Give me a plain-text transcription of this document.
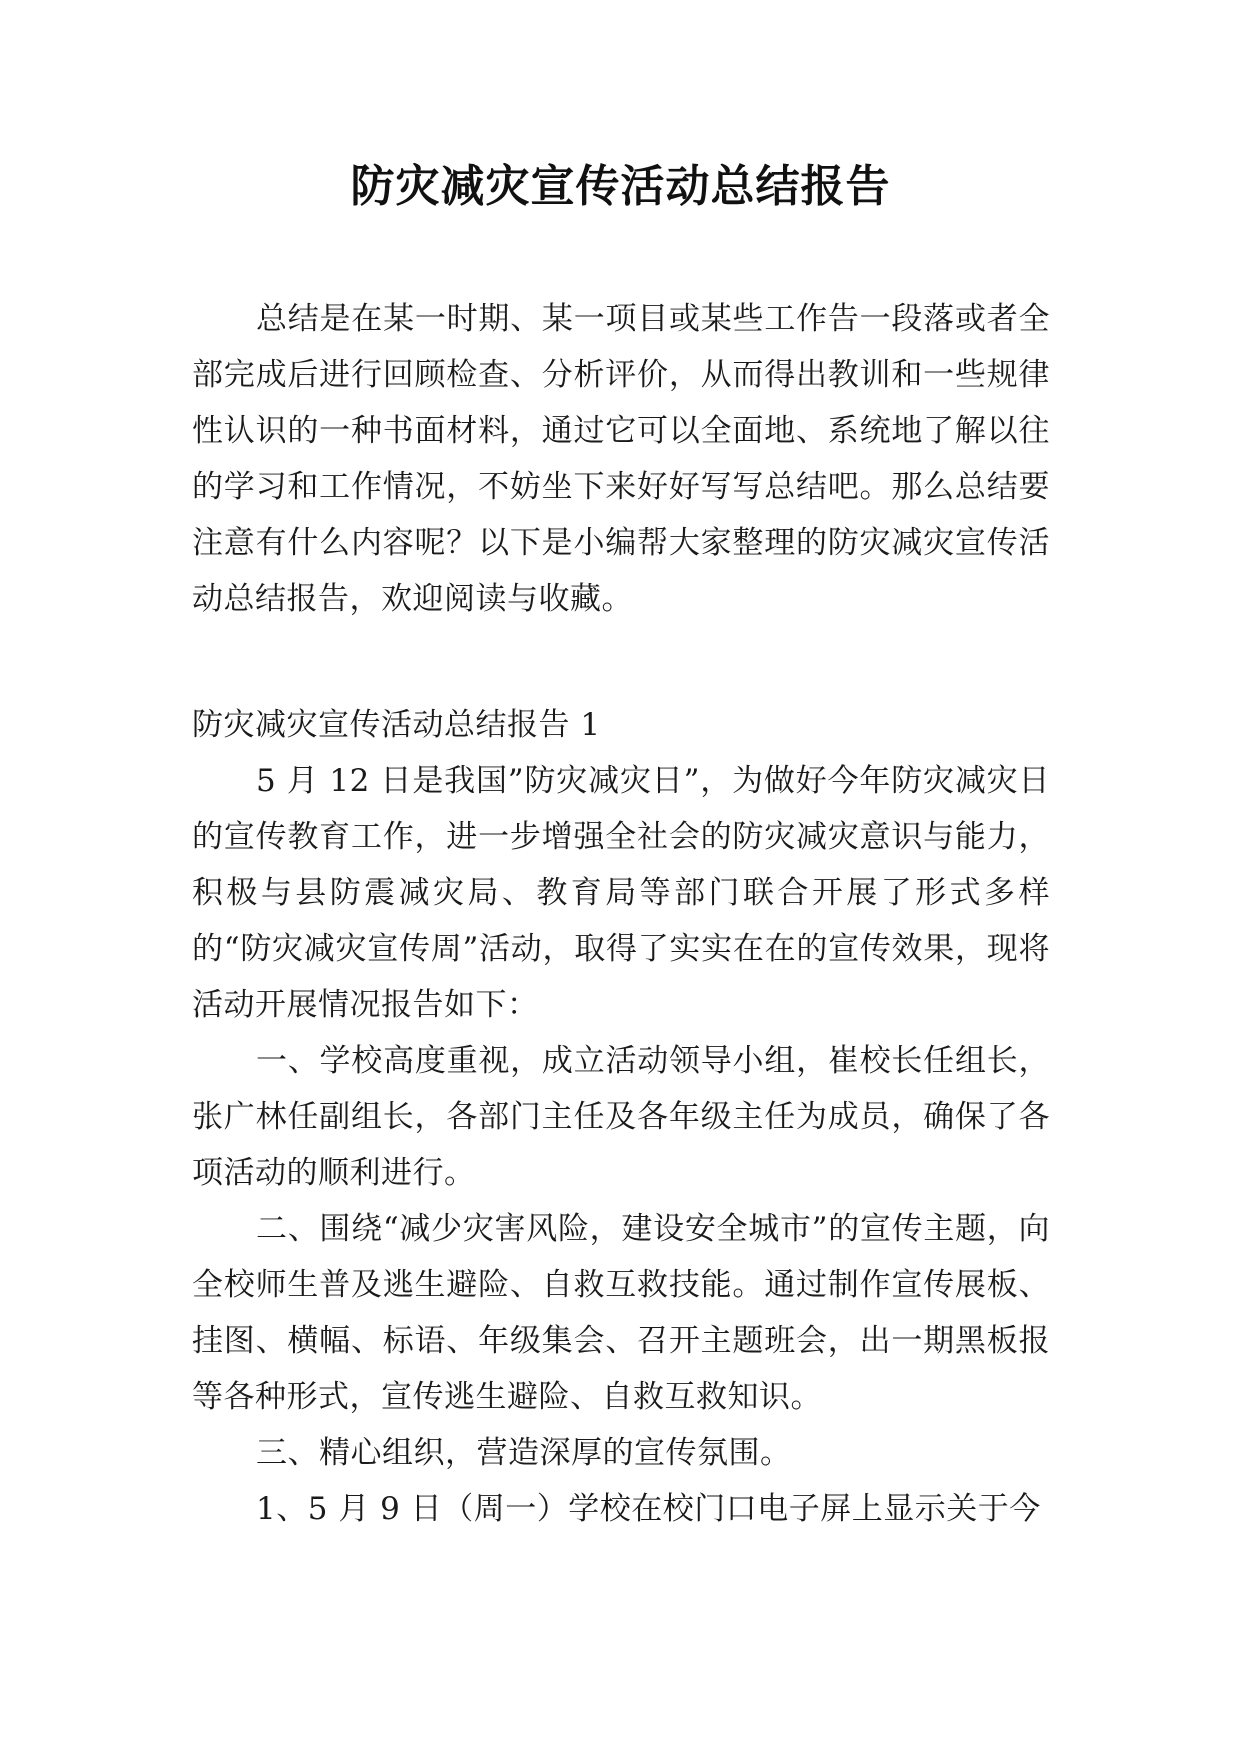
防灾减灾宣传活动总结报告

总结是在某一时期、某一项目或某些工作告一段落或者全部完成后进行回顾检查、分析评价，从而得出教训和一些规律性认识的一种书面材料，通过它可以全面地、系统地了解以往的学习和工作情况，不妨坐下来好好写写总结吧。那么总结要注意有什么内容呢？以下是小编帮大家整理的防灾减灾宣传活动总结报告，欢迎阅读与收藏。

防灾减灾宣传活动总结报告 1

5 月 12 日是我国”防灾减灾日”，为做好今年防灾减灾日的宣传教育工作，进一步增强全社会的防灾减灾意识与能力，积极与县防震减灾局、教育局等部门联合开展了形式多样的“防灾减灾宣传周”活动，取得了实实在在的宣传效果，现将活动开展情况报告如下：

一、学校高度重视，成立活动领导小组，崔校长任组长，张广林任副组长，各部门主任及各年级主任为成员，确保了各项活动的顺利进行。

二、围绕“减少灾害风险，建设安全城市”的宣传主题，向全校师生普及逃生避险、自救互救技能。通过制作宣传展板、挂图、横幅、标语、年级集会、召开主题班会，出一期黑板报等各种形式，宣传逃生避险、自救互救知识。

三、精心组织，营造深厚的宣传氛围。

1、5 月 9 日（周一）学校在校门口电子屏上显示关于今
